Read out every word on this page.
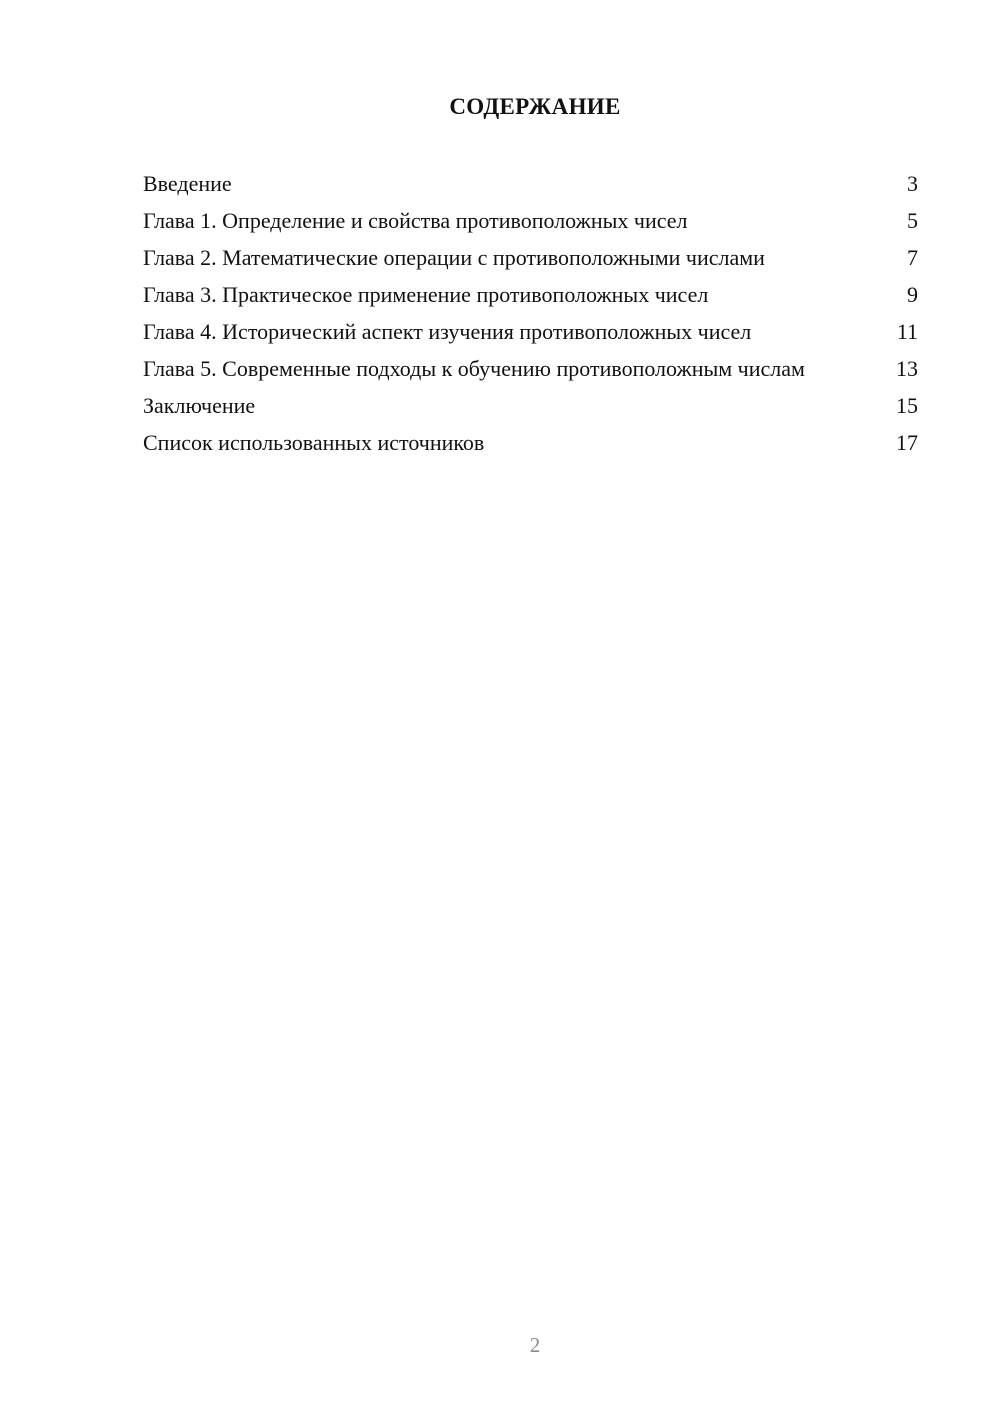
СОДЕРЖАНИЕ
Введение	3
Глава 1. Определение и свойства противоположных чисел	5
Глава 2. Математические операции с противоположными числами	7
Глава 3. Практическое применение противоположных чисел	9
Глава 4. Исторический аспект изучения противоположных чисел	11
Глава 5. Современные подходы к обучению противоположным числам	13
Заключение	15
Список использованных источников	17
2
